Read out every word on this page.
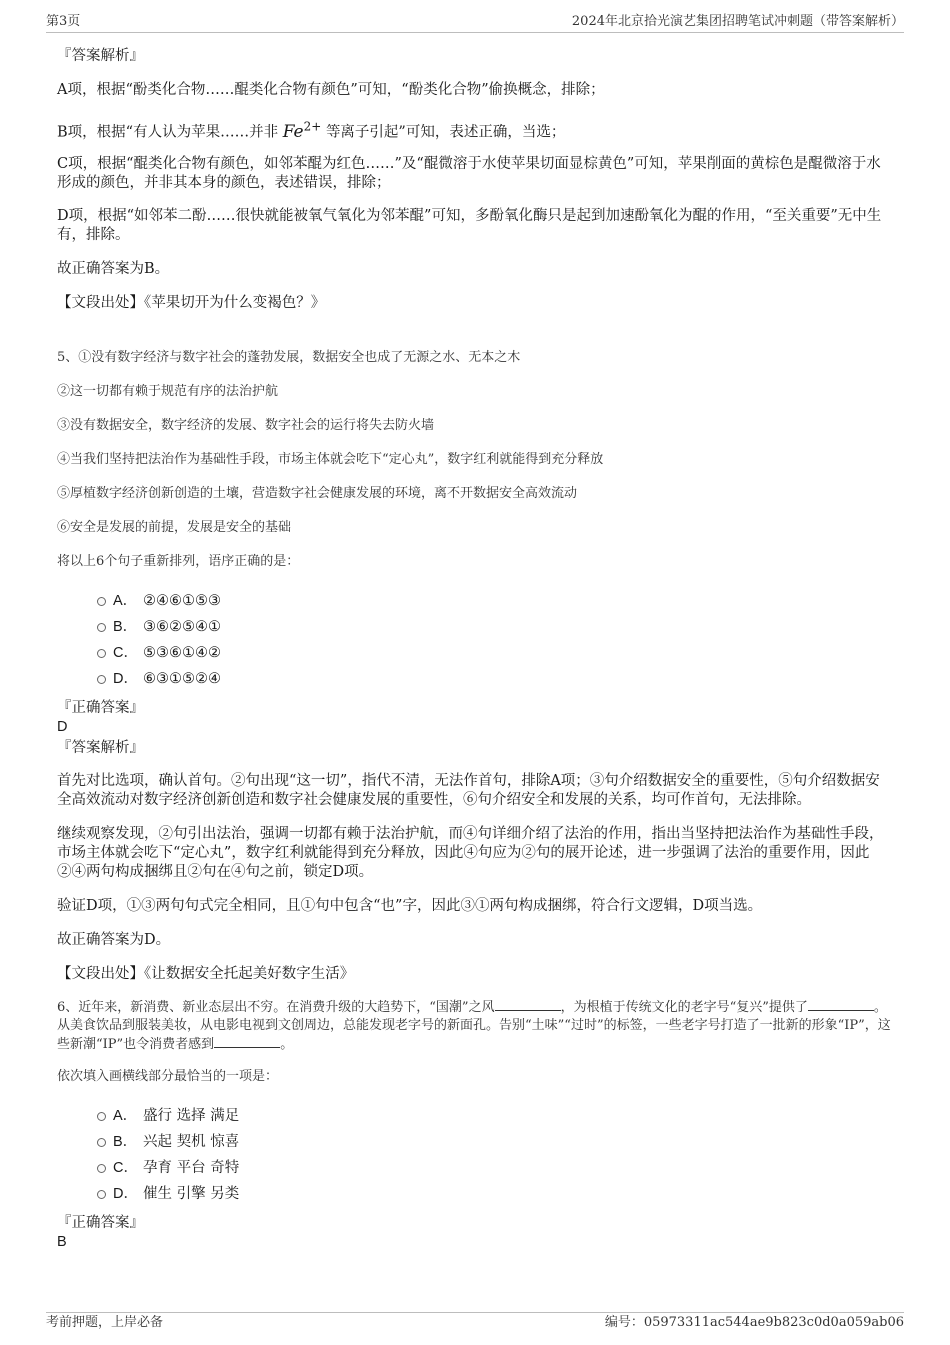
第3页	2024年北京拾光演艺集团招聘笔试冲刺题（带答案解析）

『答案解析』

A项，根据“酚类化合物……醌类化合物有颜色”可知，“酚类化合物”偷换概念，排除；

B项，根据“有人认为苹果……并非 $Fe^{2+}$ 等离子引起”可知，表述正确，当选；

C项，根据“醌类化合物有颜色，如邻苯醌为红色……”及“醌微溶于水使苹果切面显棕黄色”可知，苹果削面的黄棕色是醌微溶于水形成的颜色，并非其本身的颜色，表述错误，排除；

D项，根据“如邻苯二酚……很快就能被氧气氧化为邻苯醌”可知，多酚氧化酶只是起到加速酚氧化为醌的作用，“至关重要”无中生有，排除。

故正确答案为B。

【文段出处】《苹果切开为什么变褐色？》

5、①没有数字经济与数字社会的蓬勃发展，数据安全也成了无源之水、无本之木

②这一切都有赖于规范有序的法治护航

③没有数据安全，数字经济的发展、数字社会的运行将失去防火墙

④当我们坚持把法治作为基础性手段，市场主体就会吃下“定心丸”，数字红利就能得到充分释放

⑤厚植数字经济创新创造的土壤，营造数字社会健康发展的环境，离不开数据安全高效流动

⑥安全是发展的前提，发展是安全的基础

将以上6个句子重新排列，语序正确的是：

A． ②④⑥①⑤③
B． ③⑥②⑤④①
C． ⑤③⑥①④②
D． ⑥③①⑤②④

『正确答案』

D

『答案解析』

首先对比选项，确认首句。②句出现“这一切”，指代不清，无法作首句，排除A项；③句介绍数据安全的重要性，⑤句介绍数据安全高效流动对数字经济创新创造和数字社会健康发展的重要性，⑥句介绍安全和发展的关系，均可作首句，无法排除。

继续观察发现，②句引出法治，强调一切都有赖于法治护航，而④句详细介绍了法治的作用，指出当坚持把法治作为基础性手段，市场主体就会吃下“定心丸”，数字红利就能得到充分释放，因此④句应为②句的展开论述，进一步强调了法治的重要作用，因此②④两句构成捆绑且②句在④句之前，锁定D项。

验证D项，①③两句句式完全相同，且①句中包含“也”字，因此③①两句构成捆绑，符合行文逻辑，D项当选。

故正确答案为D。

【文段出处】《让数据安全托起美好数字生活》

6、近年来，新消费、新业态层出不穷。在消费升级的大趋势下，“国潮”之风	，为根植于传统文化的老字号“复兴”提供了	。从美食饮品到服装美妆，从电影电视到文创周边，总能发现老字号的新面孔。告别“土味”“过时”的标签，一些老字号打造了一批新的形象“IP”，这些新潮“IP”也令消费者感到	。

依次填入画横线部分最恰当的一项是：

A． 盛行 选择 满足
B． 兴起 契机 惊喜
C． 孕育 平台 奇特
D． 催生 引擎 另类

『正确答案』

B

考前押题，上岸必备	编号：05973311ac544ae9b823c0d0a059ab06
